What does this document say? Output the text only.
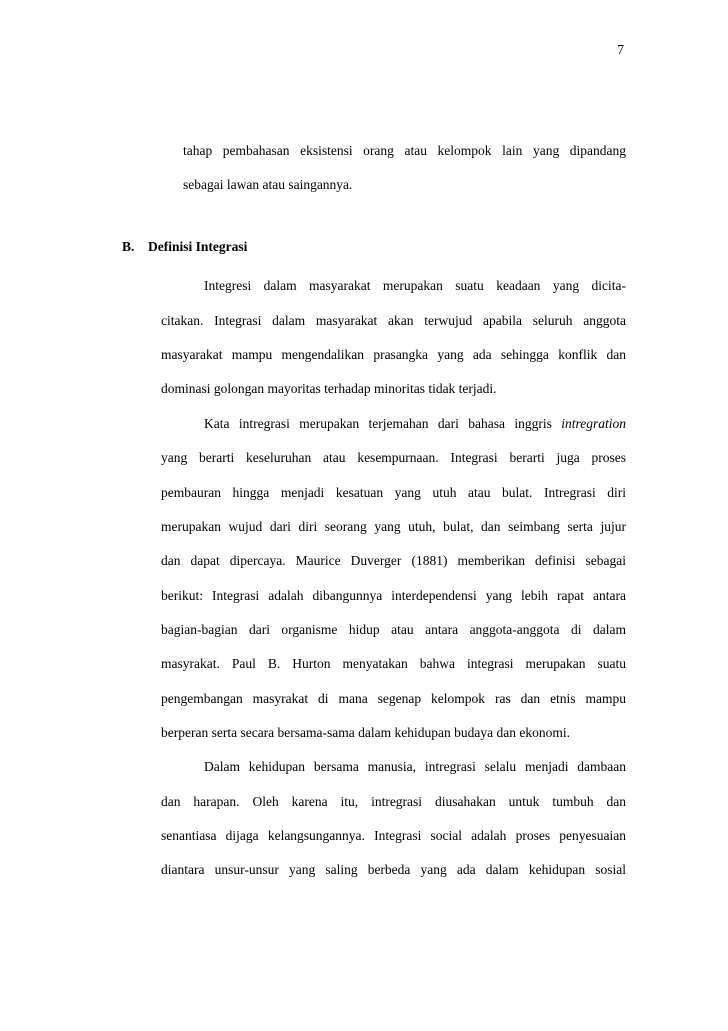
7
tahap pembahasan eksistensi orang atau kelompok lain yang dipandang
sebagai lawan atau saingannya.
B. Definisi Integrasi
Integresi dalam masyarakat merupakan suatu keadaan yang dicita-
citakan. Integrasi dalam masyarakat akan terwujud apabila seluruh anggota
masyarakat mampu mengendalikan prasangka yang ada sehingga konflik dan
dominasi golongan mayoritas terhadap minoritas tidak terjadi.
Kata intregrasi merupakan terjemahan dari bahasa inggris intregration
yang berarti keseluruhan atau kesempurnaan. Integrasi berarti juga proses
pembauran hingga menjadi kesatuan yang utuh atau bulat. Intregrasi diri
merupakan wujud dari diri seorang yang utuh, bulat, dan seimbang serta jujur
dan dapat dipercaya. Maurice Duverger (1881) memberikan definisi sebagai
berikut: Integrasi adalah dibangunnya interdependensi yang lebih rapat antara
bagian-bagian dari organisme hidup atau antara anggota-anggota di dalam
masyrakat. Paul B. Hurton menyatakan bahwa integrasi merupakan suatu
pengembangan masyrakat di mana segenap kelompok ras dan etnis mampu
berperan serta secara bersama-sama dalam kehidupan budaya dan ekonomi.
Dalam kehidupan bersama manusia, intregrasi selalu menjadi dambaan
dan harapan. Oleh karena itu, intregrasi diusahakan untuk tumbuh dan
senantiasa dijaga kelangsungannya. Integrasi social adalah proses penyesuaian
diantara unsur-unsur yang saling berbeda yang ada dalam kehidupan sosial
